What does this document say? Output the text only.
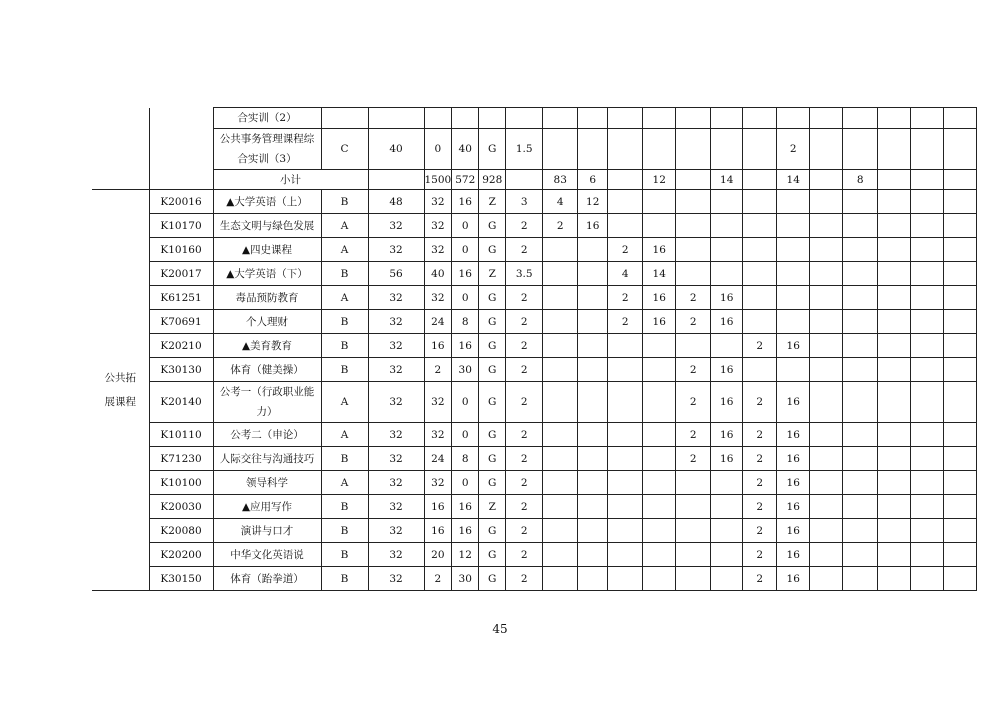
		合实训（2）																			
		公共事务管理课程综合实训（3）	C	40	0	40	G	1.5								2					
		小计			1500	572	928		83	6		12		14		14		8			
公共拓展课程	K20016	▲大学英语（上）	B	48	32	16	Z	3	4	12											
	K10170	生态文明与绿色发展	A	32	32	0	G	2	2	16											
	K10160	▲四史课程	A	32	32	0	G	2			2	16									
	K20017	▲大学英语（下）	B	56	40	16	Z	3.5			4	14									
	K61251	毒品预防教育	A	32	32	0	G	2			2	16	2	16							
	K70691	个人理财	B	32	24	8	G	2			2	16	2	16							
	K20210	▲美育教育	B	32	16	16	G	2							2	16					
	K30130	体育（健美操）	B	32	2	30	G	2					2	16							
	K20140	公考一（行政职业能力）	A	32	32	0	G	2					2	16	2	16					
	K10110	公考二（申论）	A	32	32	0	G	2					2	16	2	16					
	K71230	人际交往与沟通技巧	B	32	24	8	G	2					2	16	2	16					
	K10100	领导科学	A	32	32	0	G	2							2	16					
	K20030	▲应用写作	B	32	16	16	Z	2							2	16					
	K20080	演讲与口才	B	32	16	16	G	2							2	16					
	K20200	中华文化英语说	B	32	20	12	G	2							2	16					
	K30150	体育（跆拳道）	B	32	2	30	G	2							2	16					
45
